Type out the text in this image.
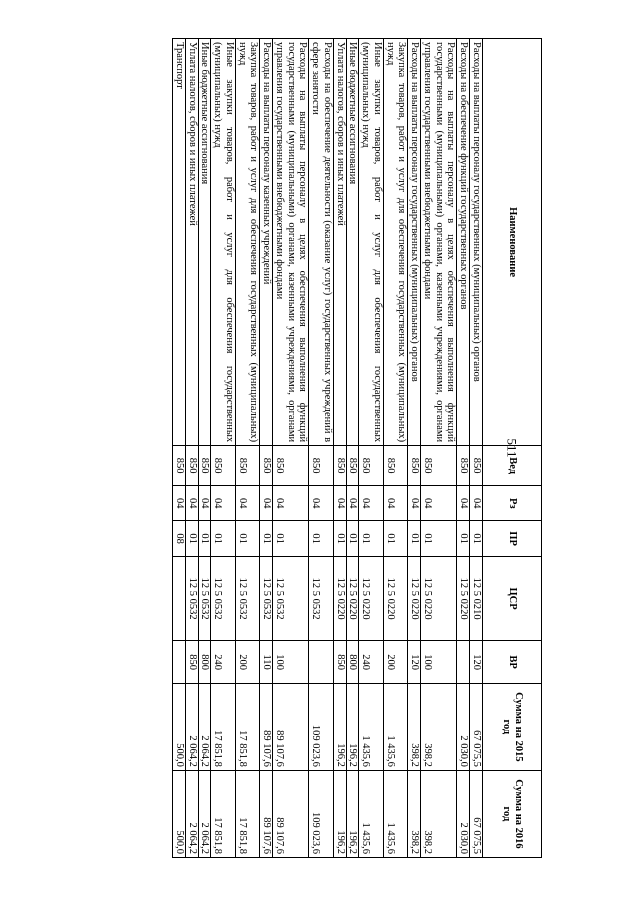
511
Наименование	Вед	Рз	ПР	ЦСР	ВР	Сумма на 2015 год	Сумма на 2016 год
Расходы на выплаты персоналу государственных (муниципальных) органов	850	04	01	12 5 0210	120	67 075,5	67 075,5
Расходы на обеспечение функций государственных органов	850	04	01	12 5 0220		2 030,0	2 030,0
Расходы на выплаты персоналу в целях обеспечения выполнения функций государственными (муниципальными) органами, казенными учреждениями, органами управления государственными внебюджетными фондами	850	04	01	12 5 0220	100	398,2	398,2
Расходы на выплаты персоналу государственных (муниципальных) органов	850	04	01	12 5 0220	120	398,2	398,2
Закупка товаров, работ и услуг для обеспечения государственных (муниципальных) нужд	850	04	01	12 5 0220	200	1 435,6	1 435,6
Иные закупки товаров, работ и услуг для обеспечения государственных (муниципальных) нужд	850	04	01	12 5 0220	240	1 435,6	1 435,6
Иные бюджетные ассигнования	850	04	01	12 5 0220	800	196,2	196,2
Уплата налогов, сборов и иных платежей	850	04	01	12 5 0220	850	196,2	196,2
Расходы на обеспечение деятельности (оказание услуг) государственных учреждений в сфере занятости	850	04	01	12 5 0532		109 023,6	109 023,6
Расходы на выплаты персоналу в целях обеспечения выполнения функций государственными (муниципальными) органами, казенными учреждениями, органами управления государственными внебюджетными фондами	850	04	01	12 5 0532	100	89 107,6	89 107,6
Расходы на выплаты персоналу казенных учреждений	850	04	01	12 5 0532	110	89 107,6	89 107,6
Закупка товаров, работ и услуг для обеспечения государственных (муниципальных) нужд	850	04	01	12 5 0532	200	17 851,8	17 851,8
Иные закупки товаров, работ и услуг для обеспечения государственных (муниципальных) нужд	850	04	01	12 5 0532	240	17 851,8	17 851,8
Иные бюджетные ассигнования	850	04	01	12 5 0532	800	2 064,2	2 064,2
Уплата налогов, сборов и иных платежей	850	04	01	12 5 0532	850	2 064,2	2 064,2
Транспорт	850	04	08			500,0	500,0
